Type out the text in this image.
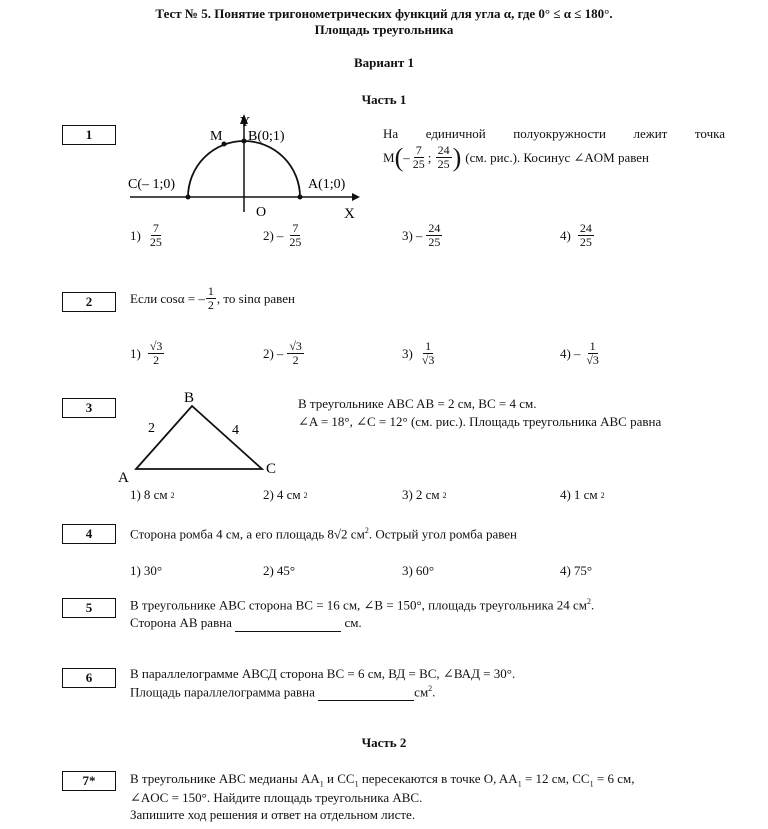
Тест № 5. Понятие тригонометрических функций для угла α, где 0° ≤ α ≤ 180°.
Площадь треугольника
Вариант 1
Часть 1
1
Y
X
M B(0;1)
C(– 1;0)	A(1;0)
O
На единичной полуокружности лежит точка
M ( – $\frac{7}{25}$ ; $\frac{24}{25}$ ) (см. рис.). Косинус ∠AOM равен
$1) \frac{7}{25}$	$2) - \frac{7}{25}$	$3) - \frac{24}{25}$	$4) \frac{24}{25}$
2	Если cosα = – $\frac{1}{2}$ , то sinα равен
$1) \frac{√3}{2}$	$2) - \frac{√3}{2}$	$3) \frac{1}{√3}$	$4) - \frac{1}{√3}$
3
A
B
C
2	4
В треугольнике ABC AB = 2 см, BC = 4 см.
∠A = 18°, ∠C = 12° (см. рис.). Площадь треугольника ABC равна
1) 8 см 2	2) 4 см 2	3) 2 см 2	4) 1 см 2
4	Сторона ромба 4 см, а его площадь 8√2 $см^2$. Острый угол ромба равен
1) 30°	2) 45°	3) 60°	4) 75°
5	В треугольнике ABC сторона BC = 16 см, ∠B = 150°, площадь треугольника 24 $см^2$.
Сторона AB равна	см.
6	В параллелограмме АВСД сторона ВС = 6 см, ВД = ВС, ∠ВАД = 30°.
Площадь параллелограмма равна	$см^2$.
Часть 2
7*	В треугольнике ABC медианы $AA_1$ и $CC_1$ пересекаются в точке O, $AA_1 = 12$ см, $CC_1 = 6$ см,
∠AOC = 150°. Найдите площадь треугольника ABC.
Запишите ход решения и ответ на отдельном листе.
